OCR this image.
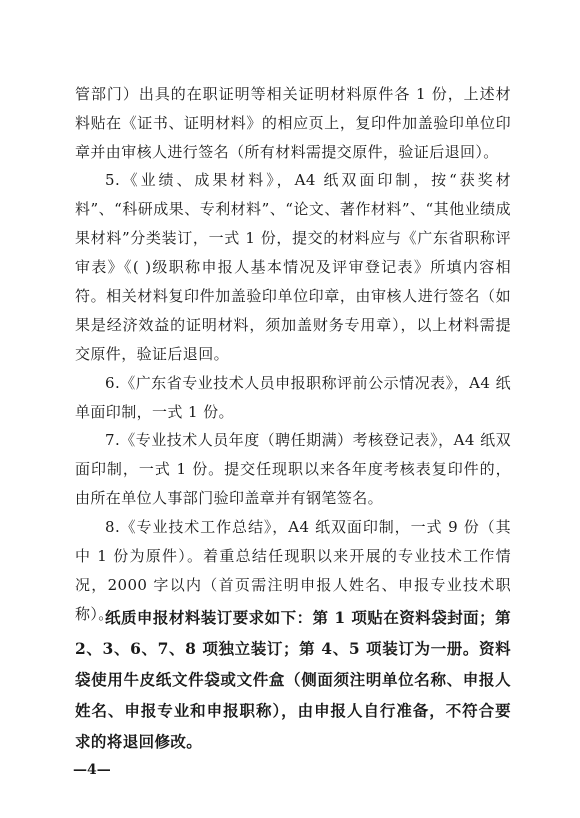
管部门）出具的在职证明等相关证明材料原件各 1 份，上述材料贴在《证书、证明材料》的相应页上，复印件加盖验印单位印章并由审核人进行签名（所有材料需提交原件，验证后退回）。

5.《业绩、成果材料》，A4 纸双面印制，按“获奖材料”、“科研成果、专利材料”、“论文、著作材料”、“其他业绩成果材料”分类装订，一式 1 份，提交的材料应与《广东省职称评审表》《( )级职称申报人基本情况及评审登记表》所填内容相符。相关材料复印件加盖验印单位印章，由审核人进行签名（如果是经济效益的证明材料，须加盖财务专用章），以上材料需提交原件，验证后退回。

6.《广东省专业技术人员申报职称评前公示情况表》，A4 纸单面印制，一式 1 份。

7.《专业技术人员年度（聘任期满）考核登记表》，A4 纸双面印制，一式 1 份。提交任现职以来各年度考核表复印件的，由所在单位人事部门验印盖章并有钢笔签名。

8.《专业技术工作总结》，A4 纸双面印制，一式 9 份（其中 1 份为原件）。着重总结任现职以来开展的专业技术工作情况，2000 字以内（首页需注明申报人姓名、申报专业技术职称）。

纸质申报材料装订要求如下：第 1 项贴在资料袋封面；第 2、3、6、7、8 项独立装订；第 4、5 项装订为一册。资料袋使用牛皮纸文件袋或文件盒（侧面须注明单位名称、申报人姓名、申报专业和申报职称），由申报人自行准备，不符合要求的将退回修改。

—4—
